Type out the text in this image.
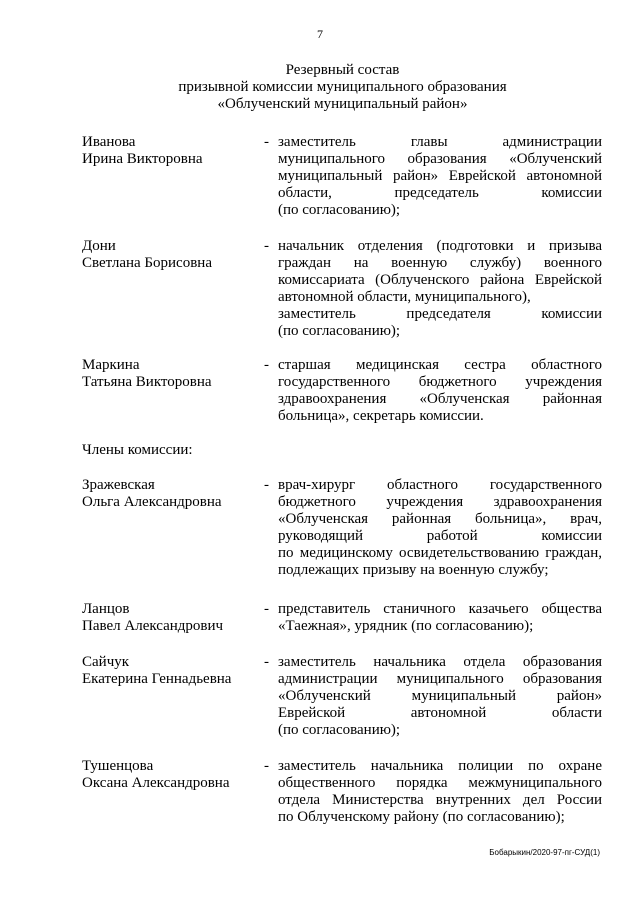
7
Резервный состав
призывной комиссии муниципального образования
«Облученский муниципальный район»
Иванова
Ирина Викторовна
- заместитель главы администрации
муниципального образования «Облученский
муниципальный район» Еврейской автономной
области, председатель комиссии
(по согласованию);
Дони
Светлана Борисовна
- начальник отделения (подготовки и призыва
граждан на военную службу) военного
комиссариата (Облученского района Еврейской
автономной области, муниципального),
заместитель председателя комиссии
(по согласованию);
Маркина
Татьяна Викторовна
- старшая медицинская сестра областного
государственного бюджетного учреждения
здравоохранения «Облученская районная
больница», секретарь комиссии.
Члены комиссии:
Зражевская
Ольга Александровна
- врач-хирург областного государственного
бюджетного учреждения здравоохранения
«Облученская районная больница», врач,
руководящий работой комиссии
по медицинскому освидетельствованию граждан,
подлежащих призыву на военную службу;
Ланцов
Павел Александрович
- представитель станичного казачьего общества
«Таежная», урядник (по согласованию);
Сайчук
Екатерина Геннадьевна
- заместитель начальника отдела образования
администрации муниципального образования
«Облученский муниципальный район»
Еврейской автономной области
(по согласованию);
Тушенцова
Оксана Александровна
- заместитель начальника полиции по охране
общественного порядка межмуниципального
отдела Министерства внутренних дел России
по Облученскому району (по согласованию);
Бобарыкин/2020-97-пг-СУД(1)
